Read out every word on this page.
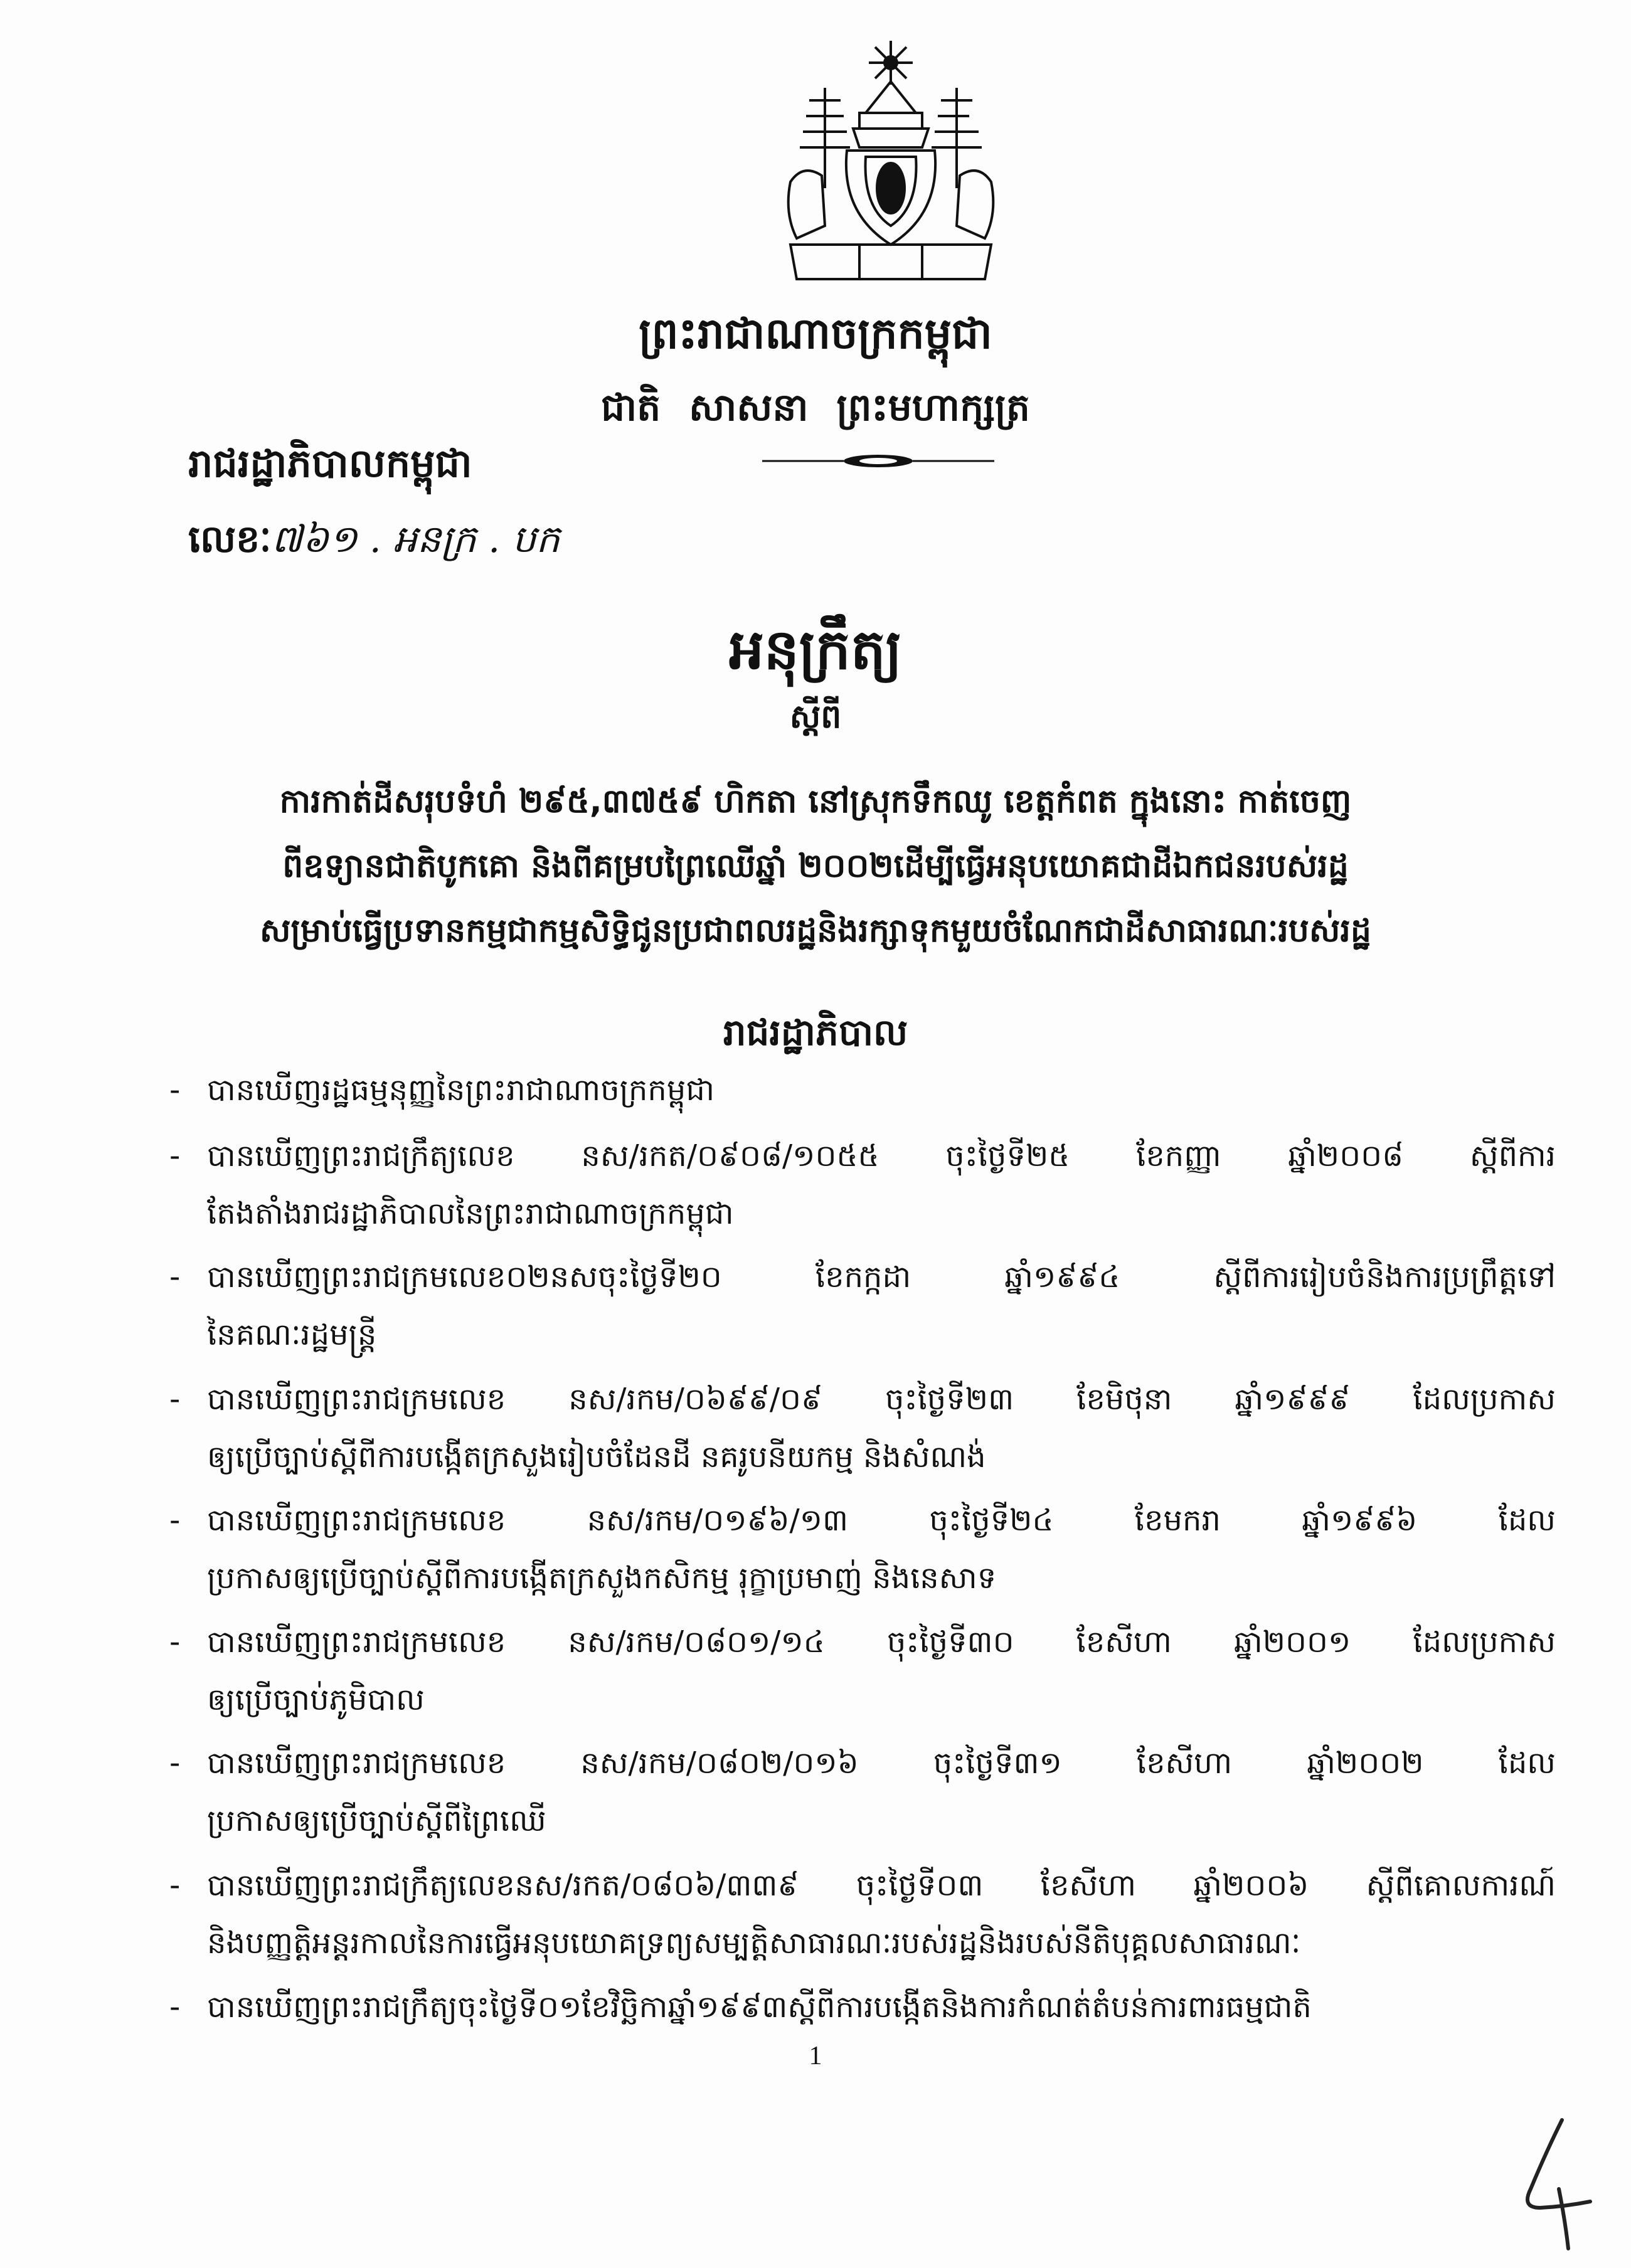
ព្រះរាជាណាចក្រកម្ពុជា
ជាតិ សាសនា ព្រះមហាក្សត្រ
រាជរដ្ឋាភិបាលកម្ពុជា
លេខៈ៧៦១ . អនក្រ . បក
អនុក្រឹត្យ
ស្តីពី
ការកាត់ដីសរុបទំហំ ២៩៥,៣៧៥៩ ហិកតា នៅស្រុកទឹកឈូ ខេត្តកំពត ក្នុងនោះ កាត់ចេញ
ពីឧទ្យានជាតិបូកគោ និងពីគម្របព្រៃឈើឆ្នាំ ២០០២ដើម្បីធ្វើអនុបយោគជាដីឯកជនរបស់រដ្ឋ
សម្រាប់ធ្វើប្រទានកម្មជាកម្មសិទ្ធិជូនប្រជាពលរដ្ឋនិងរក្សាទុកមួយចំណែកជាដីសាធារណៈរបស់រដ្ឋ
រាជរដ្ឋាភិបាល
- បានឃើញរដ្ឋធម្មនុញ្ញនៃព្រះរាជាណាចក្រកម្ពុជា
- បានឃើញព្រះរាជក្រឹត្យលេខ នស/រកត/០៩០៨/១០៥៥ ចុះថ្ងៃទី២៥ ខែកញ្ញា ឆ្នាំ២០០៨ ស្តីពីការ
តែងតាំងរាជរដ្ឋាភិបាលនៃព្រះរាជាណាចក្រកម្ពុជា
- បានឃើញព្រះរាជក្រមលេខ០២នសចុះថ្ងៃទី២០ ខែកក្កដា ឆ្នាំ១៩៩៤ ស្តីពីការរៀបចំនិងការប្រព្រឹត្តទៅ
នៃគណៈរដ្ឋមន្ត្រី
- បានឃើញព្រះរាជក្រមលេខ នស/រកម/០៦៩៩/០៩ ចុះថ្ងៃទី២៣ ខែមិថុនា ឆ្នាំ១៩៩៩ ដែលប្រកាស
ឲ្យប្រើច្បាប់ស្តីពីការបង្កើតក្រសួងរៀបចំដែនដី នគរូបនីយកម្ម និងសំណង់
- បានឃើញព្រះរាជក្រមលេខ នស/រកម/០១៩៦/១៣ ចុះថ្ងៃទី២៤ ខែមករា ឆ្នាំ១៩៩៦ ដែល
ប្រកាសឲ្យប្រើច្បាប់ស្តីពីការបង្កើតក្រសួងកសិកម្ម រុក្ខាប្រមាញ់ និងនេសាទ
- បានឃើញព្រះរាជក្រមលេខ នស/រកម/០៨០១/១៤ ចុះថ្ងៃទី៣០ ខែសីហា ឆ្នាំ២០០១ ដែលប្រកាស
ឲ្យប្រើច្បាប់ភូមិបាល
- បានឃើញព្រះរាជក្រមលេខ នស/រកម/០៨០២/០១៦ ចុះថ្ងៃទី៣១ ខែសីហា ឆ្នាំ២០០២ ដែល
ប្រកាសឲ្យប្រើច្បាប់ស្តីពីព្រៃឈើ
- បានឃើញព្រះរាជក្រឹត្យលេខនស/រកត/០៨០៦/៣៣៩ ចុះថ្ងៃទី០៣ ខែសីហា ឆ្នាំ២០០៦ ស្តីពីគោលការណ៍
និងបញ្ញត្តិអន្តរកាលនៃការធ្វើអនុបយោគទ្រព្យសម្បត្តិសាធារណៈរបស់រដ្ឋនិងរបស់នីតិបុគ្គលសាធារណៈ
- បានឃើញព្រះរាជក្រឹត្យចុះថ្ងៃទី០១ខែវិច្ឆិកាឆ្នាំ១៩៩៣ស្តីពីការបង្កើតនិងការកំណត់តំបន់ការពារធម្មជាតិ
1
